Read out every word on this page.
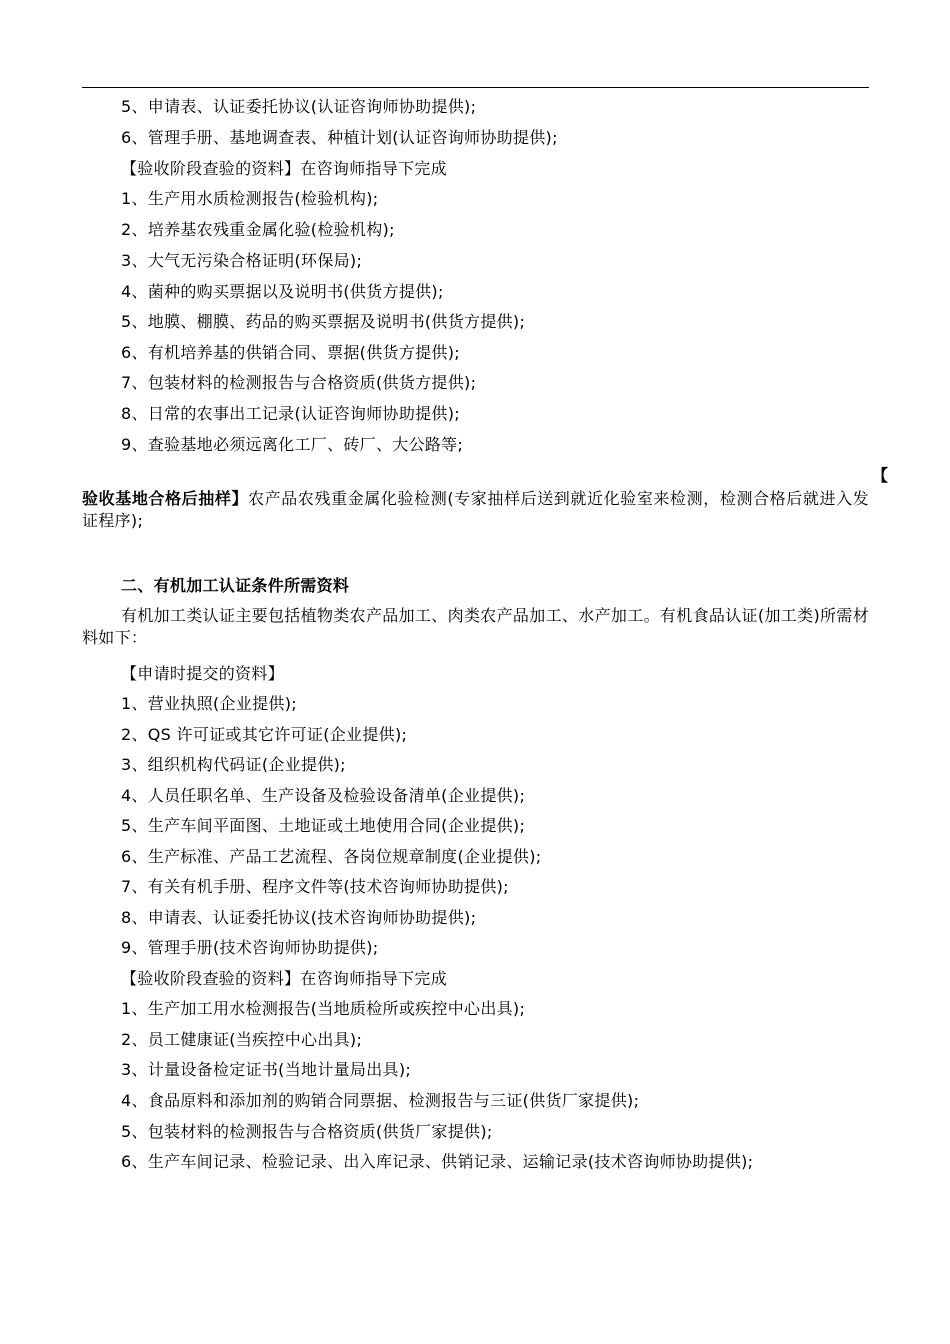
5、申请表、认证委托协议(认证咨询师协助提供);
6、管理手册、基地调查表、种植计划(认证咨询师协助提供);
【验收阶段查验的资料】在咨询师指导下完成
1、生产用水质检测报告(检验机构);
2、培养基农残重金属化验(检验机构);
3、大气无污染合格证明(环保局);
4、菌种的购买票据以及说明书(供货方提供);
5、地膜、棚膜、药品的购买票据及说明书(供货方提供);
6、有机培养基的供销合同、票据(供货方提供);
7、包装材料的检测报告与合格资质(供货方提供);
8、日常的农事出工记录(认证咨询师协助提供);
9、查验基地必须远离化工厂、砖厂、大公路等;
【
验收基地合格后抽样】农产品农残重金属化验检测(专家抽样后送到就近化验室来检测，检测合格后就进入发证程序);
二、有机加工认证条件所需资料
有机加工类认证主要包括植物类农产品加工、肉类农产品加工、水产加工。有机食品认证(加工类)所需材料如下：
【申请时提交的资料】
1、营业执照(企业提供);
2、QS 许可证或其它许可证(企业提供);
3、组织机构代码证(企业提供);
4、人员任职名单、生产设备及检验设备清单(企业提供);
5、生产车间平面图、土地证或土地使用合同(企业提供);
6、生产标准、产品工艺流程、各岗位规章制度(企业提供);
7、有关有机手册、程序文件等(技术咨询师协助提供);
8、申请表、认证委托协议(技术咨询师协助提供);
9、管理手册(技术咨询师协助提供);
【验收阶段查验的资料】在咨询师指导下完成
1、生产加工用水检测报告(当地质检所或疾控中心出具);
2、员工健康证(当疾控中心出具);
3、计量设备检定证书(当地计量局出具);
4、食品原料和添加剂的购销合同票据、检测报告与三证(供货厂家提供);
5、包装材料的检测报告与合格资质(供货厂家提供);
6、生产车间记录、检验记录、出入库记录、供销记录、运输记录(技术咨询师协助提供);
